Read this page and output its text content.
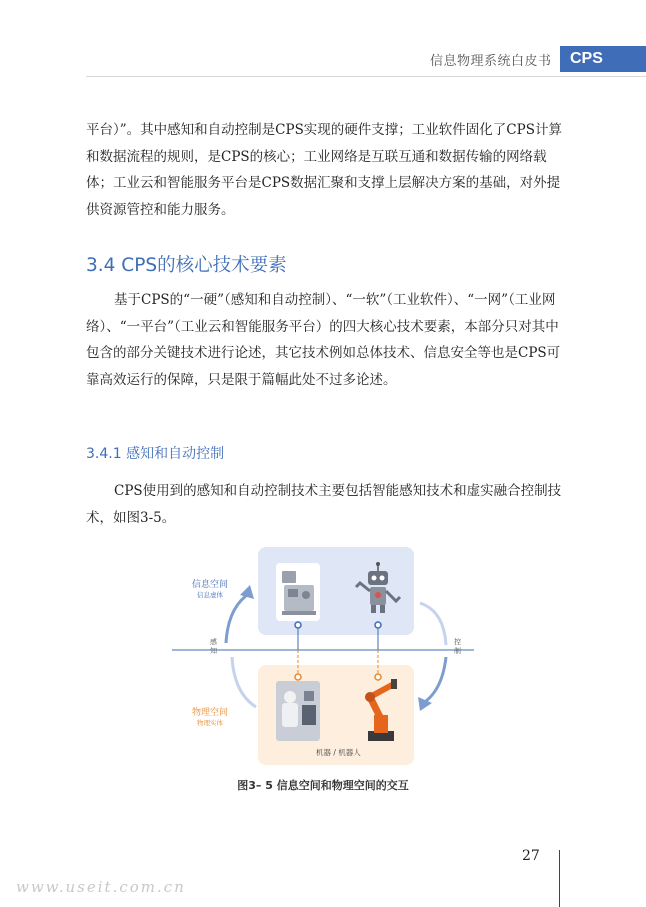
信息物理系统白皮书	CPS
平台）”。其中感知和自动控制是CPS实现的硬件支撑；工业软件固化了CPS计算和数据流程的规则，是CPS的核心；工业网络是互联互通和数据传输的网络载体；工业云和智能服务平台是CPS数据汇聚和支撑上层解决方案的基础，对外提供资源管控和能力服务。
3.4 CPS的核心技术要素
基于CPS的“一硬”（感知和自动控制）、“一软”（工业软件）、“一网”（工业网络）、“一平台”（工业云和智能服务平台）的四大核心技术要素，本部分只对其中包含的部分关键技术进行论述，其它技术例如总体技术、信息安全等也是CPS可靠高效运行的保障，只是限于篇幅此处不过多论述。
3.4.1 感知和自动控制
CPS使用到的感知和自动控制技术主要包括智能感知技术和虚实融合控制技术，如图3-5。
信息空间
信息虚体
物理空间
物理实体
感
知
控
制
机器 / 机器人
图3– 5 信息空间和物理空间的交互
27
www.useit.com.cn
